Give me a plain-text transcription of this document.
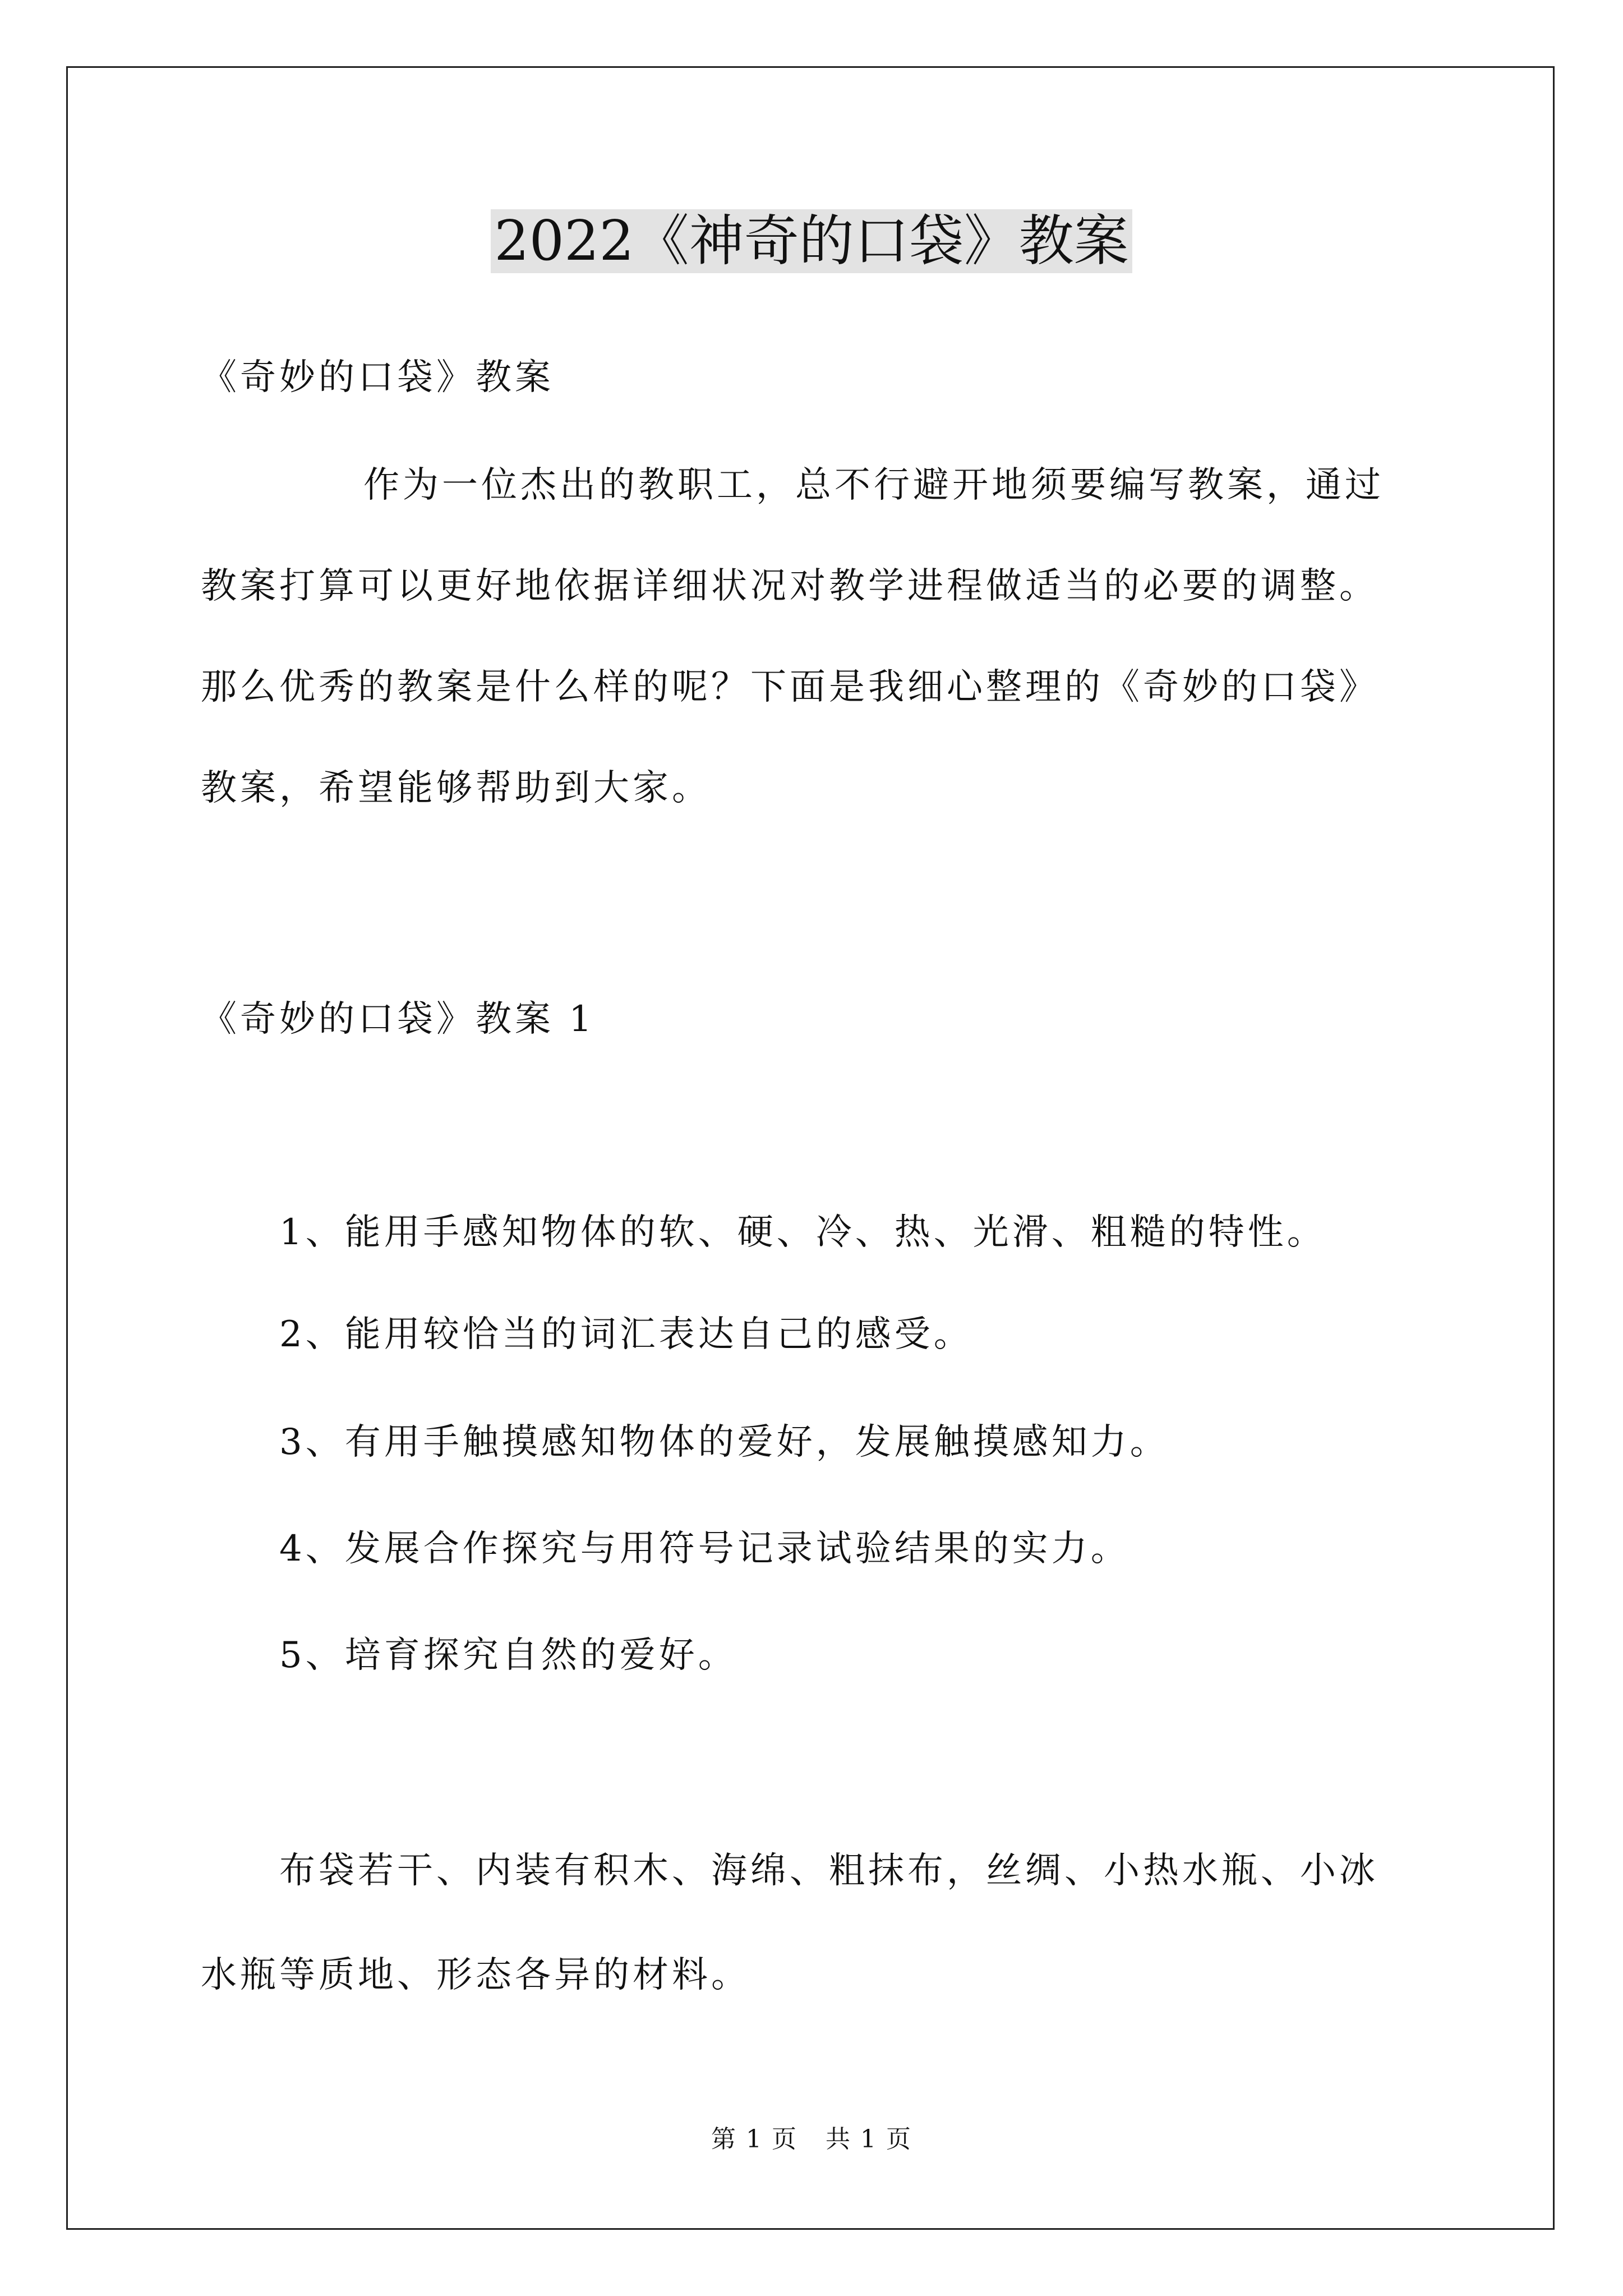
2022《神奇的口袋》教案
《奇妙的口袋》教案
作为一位杰出的教职工，总不行避开地须要编写教案，通过
教案打算可以更好地依据详细状况对教学进程做适当的必要的调整。
那么优秀的教案是什么样的呢？下面是我细心整理的《奇妙的口袋》
教案，希望能够帮助到大家。
《奇妙的口袋》教案 1
1、能用手感知物体的软、硬、冷、热、光滑、粗糙的特性。
2、能用较恰当的词汇表达自己的感受。
3、有用手触摸感知物体的爱好，发展触摸感知力。
4、发展合作探究与用符号记录试验结果的实力。
5、培育探究自然的爱好。
布袋若干、内装有积木、海绵、粗抹布，丝绸、小热水瓶、小冰
水瓶等质地、形态各异的材料。
第 1 页 共 1 页
